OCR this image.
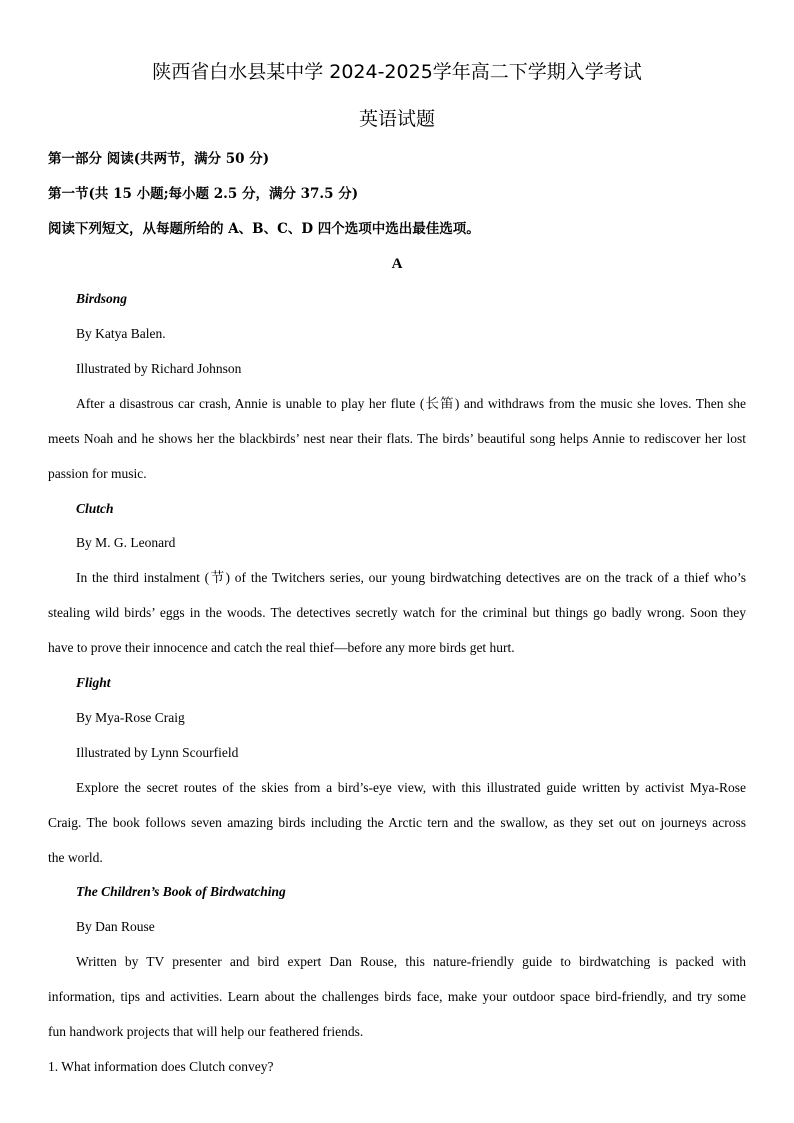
陕西省白水县某中学 2024-2025学年高二下学期入学考试
英语试题
第一部分 阅读(共两节，满分 50 分)
第一节(共 15 小题;每小题 2.5 分，满分 37.5 分)
阅读下列短文，从每题所给的 A、B、C、D 四个选项中选出最佳选项。
A
Birdsong
By Katya Balen.
Illustrated by Richard Johnson
After a disastrous car crash, Annie is unable to play her flute (长笛) and withdraws from the music she loves. Then she
meets Noah and he shows her the blackbirds’ nest near their flats. The birds’ beautiful song helps Annie to rediscover her lost
passion for music.
Clutch
By M. G. Leonard
In the third instalment (节) of the Twitchers series, our young birdwatching detectives are on the track of a thief who’s
stealing wild birds’ eggs in the woods. The detectives secretly watch for the criminal but things go badly wrong. Soon they
have to prove their innocence and catch the real thief—before any more birds get hurt.
Flight
By Mya-Rose Craig
Illustrated by Lynn Scourfield
Explore the secret routes of the skies from a bird’s-eye view, with this illustrated guide written by activist Mya-Rose
Craig. The book follows seven amazing birds including the Arctic tern and the swallow, as they set out on journeys across
the world.
The Children’s Book of Birdwatching
By Dan Rouse
Written by TV presenter and bird expert Dan Rouse, this nature-friendly guide to birdwatching is packed with
information, tips and activities. Learn about the challenges birds face, make your outdoor space bird-friendly, and try some
fun handwork projects that will help our feathered friends.
1. What information does Clutch convey?
